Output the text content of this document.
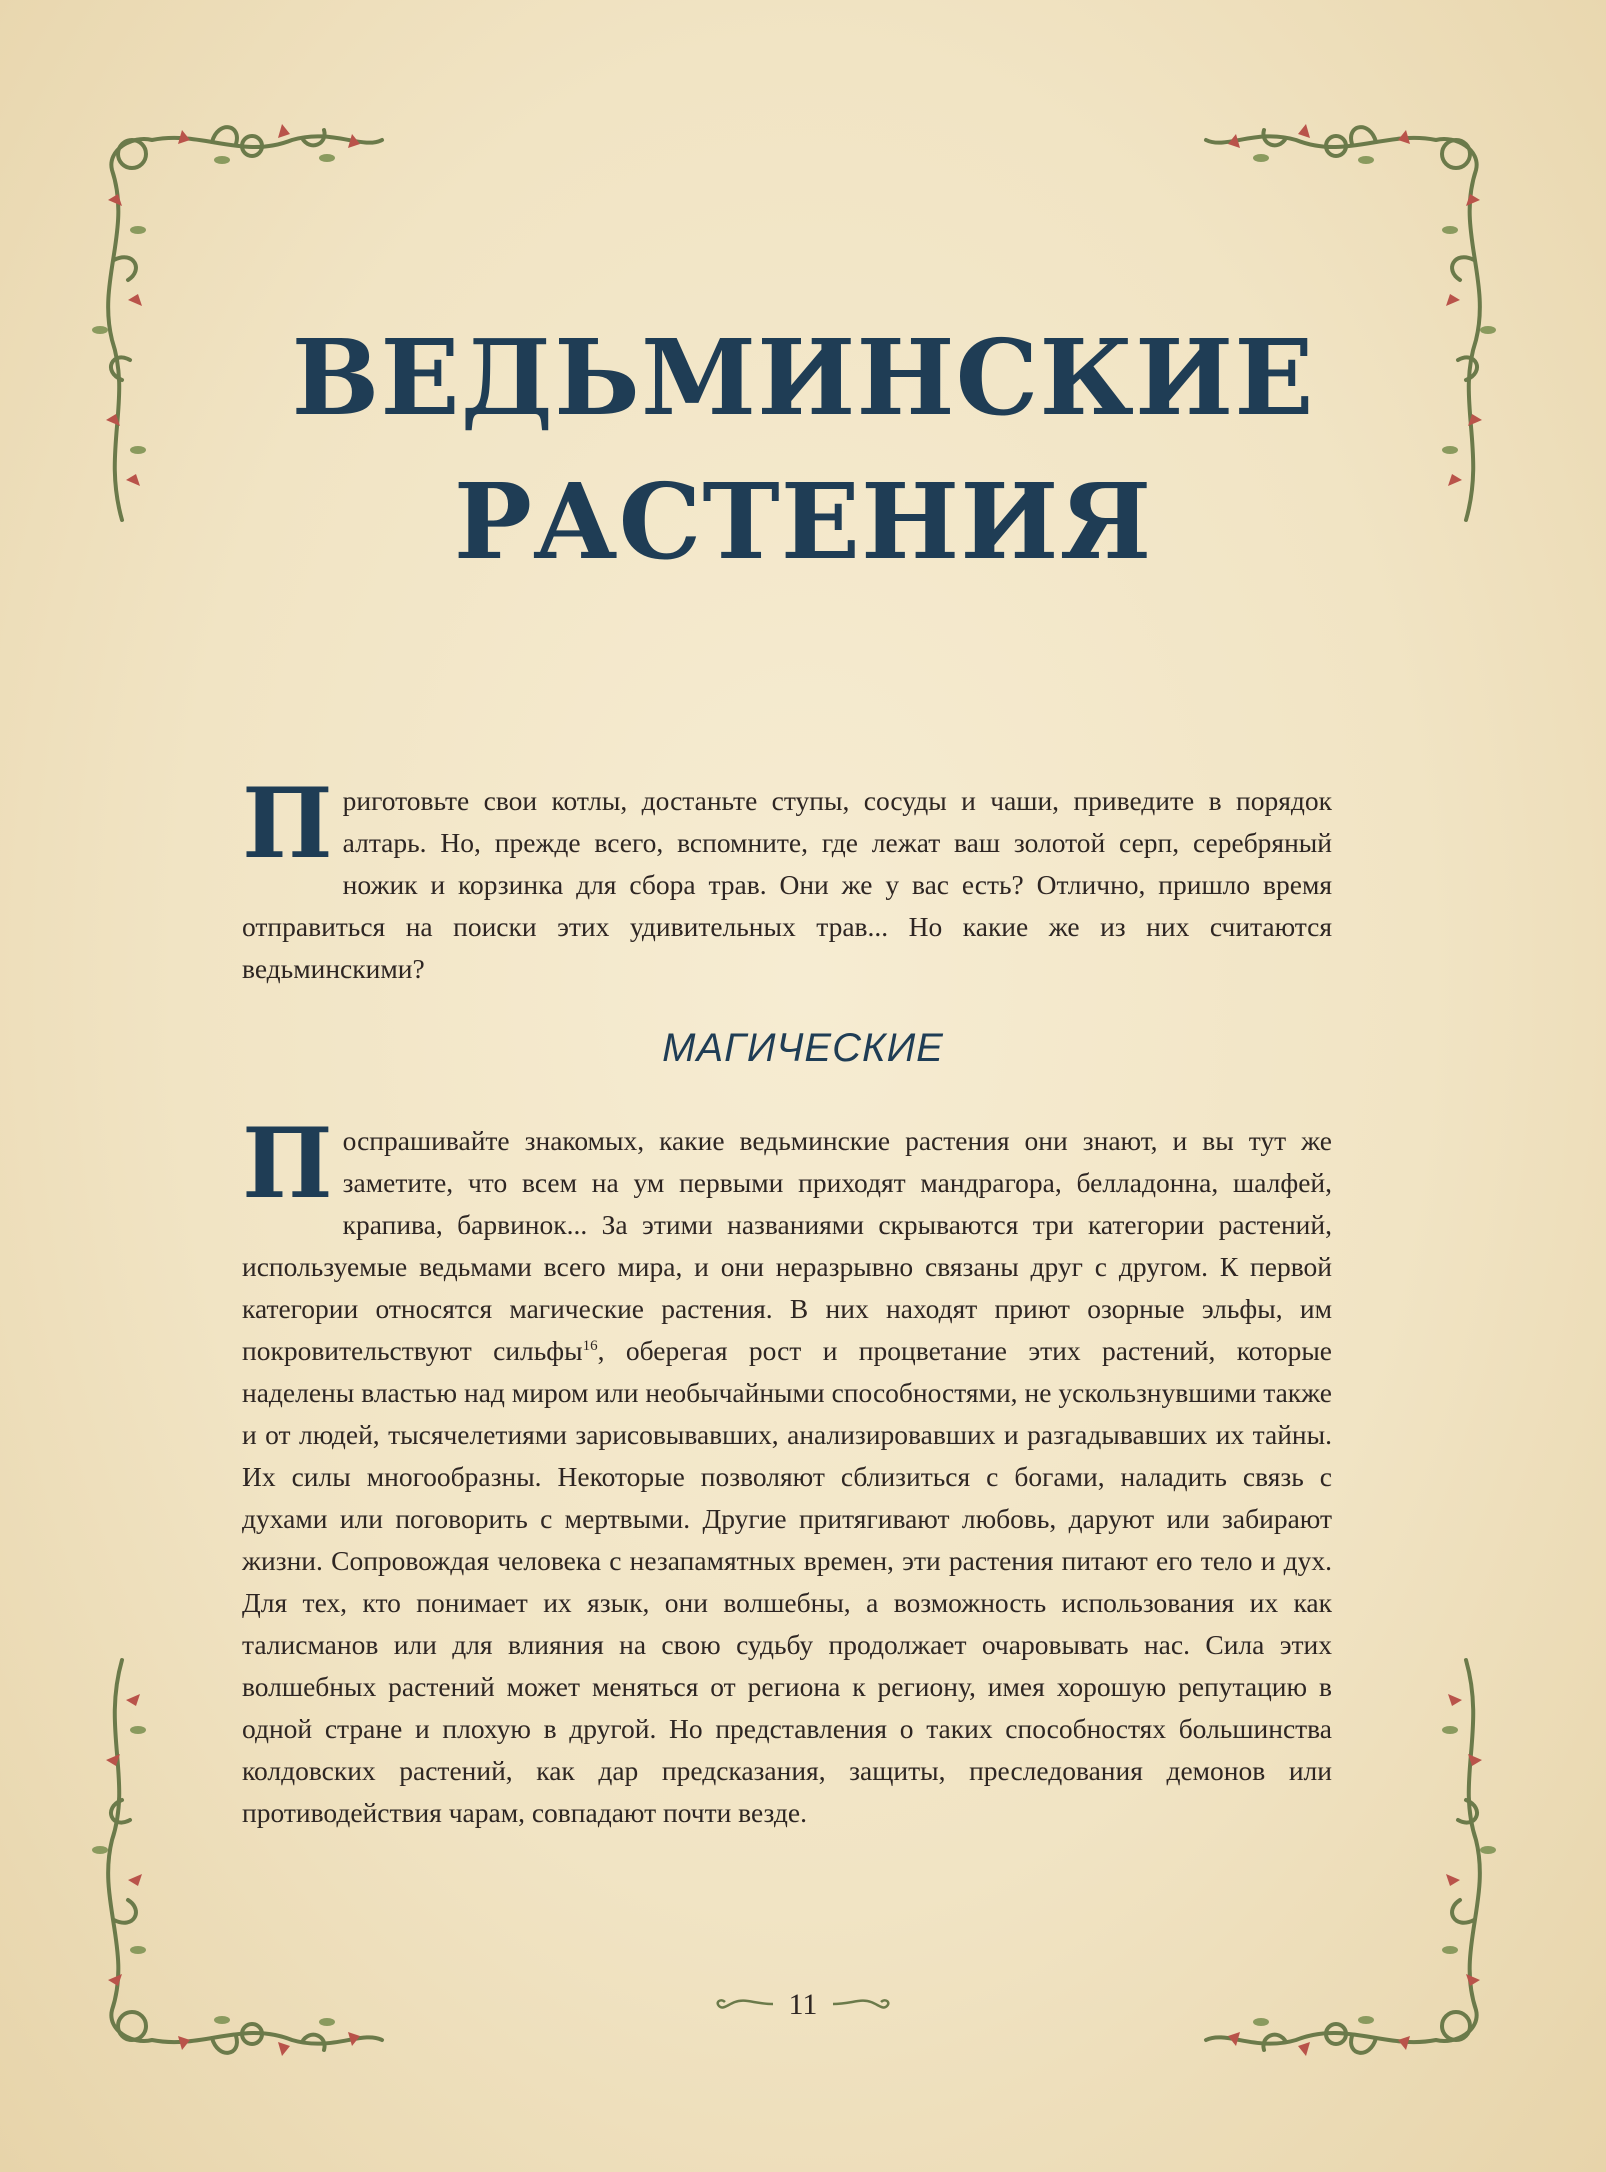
ВЕДЬМИНСКИЕ
РАСТЕНИЯ
Приготовьте свои котлы, достаньте ступы, сосуды и чаши, приведите в порядок алтарь. Но, прежде всего, вспомните, где лежат ваш золотой серп, серебряный ножик и корзинка для сбора трав. Они же у вас есть? Отлично, пришло время отправиться на поиски этих удивительных трав... Но какие же из них считаются ведьминскими?
МАГИЧЕСКИЕ
Поспрашивайте знакомых, какие ведьминские растения они знают, и вы тут же заметите, что всем на ум первыми приходят мандрагора, белладонна, шалфей, крапива, барвинок... За этими названиями скрываются три категории растений, используемые ведьмами всего мира, и они неразрывно связаны друг с другом. К первой категории относятся магические растения. В них находят приют озорные эльфы, им покровительствуют сильфы$^{16}$, оберегая рост и процветание этих растений, которые наделены властью над миром или необычайными способностями, не ускользнувшими также и от людей, тысячелетиями зарисовывавших, анализировавших и разгадывавших их тайны. Их силы многообразны. Некоторые позволяют сблизиться с богами, наладить связь с духами или поговорить с мертвыми. Другие притягивают любовь, даруют или забирают жизни. Сопровождая человека с незапамятных времен, эти растения питают его тело и дух. Для тех, кто понимает их язык, они волшебны, а возможность использования их как талисманов или для влияния на свою судьбу продолжает очаровывать нас. Сила этих волшебных растений может меняться от региона к региону, имея хорошую репутацию в одной стране и плохую в другой. Но представления о таких способностях большинства колдовских растений, как дар предсказания, защиты, преследования демонов или противодействия чарам, совпадают почти везде.
11
